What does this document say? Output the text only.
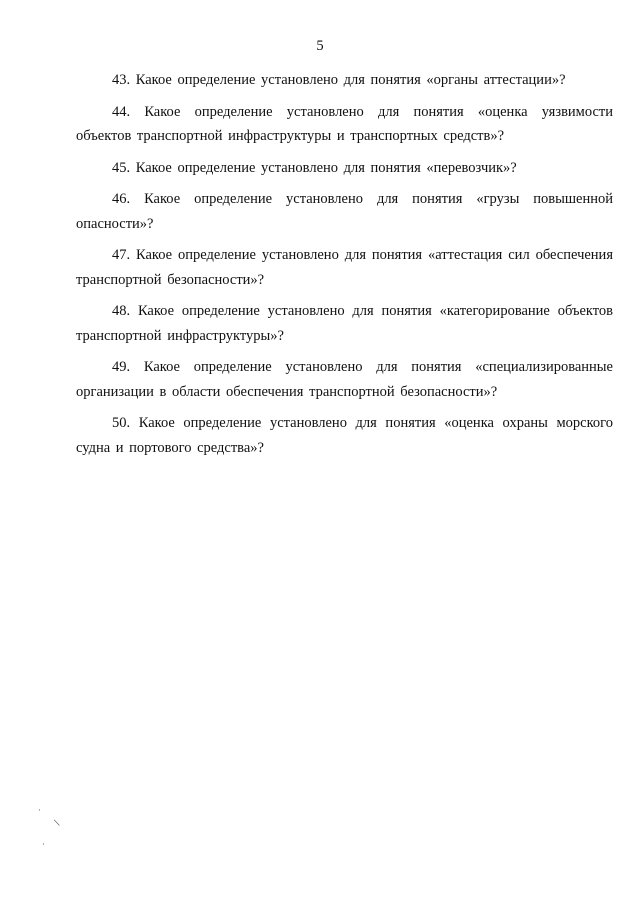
5

43. Какое определение установлено для понятия «органы аттестации»?

44. Какое определение установлено для понятия «оценка уязвимости объектов транспортной инфраструктуры и транспортных средств»?

45. Какое определение установлено для понятия «перевозчик»?

46. Какое определение установлено для понятия «грузы повышенной опасности»?

47. Какое определение установлено для понятия «аттестация сил обеспечения транспортной безопасности»?

48. Какое определение установлено для понятия «категорирование объектов транспортной инфраструктуры»?

49. Какое определение установлено для понятия «специализированные организации в области обеспечения транспортной безопасности»?

50. Какое определение установлено для понятия «оценка охраны морского судна и портового средства»?

·
/
·
